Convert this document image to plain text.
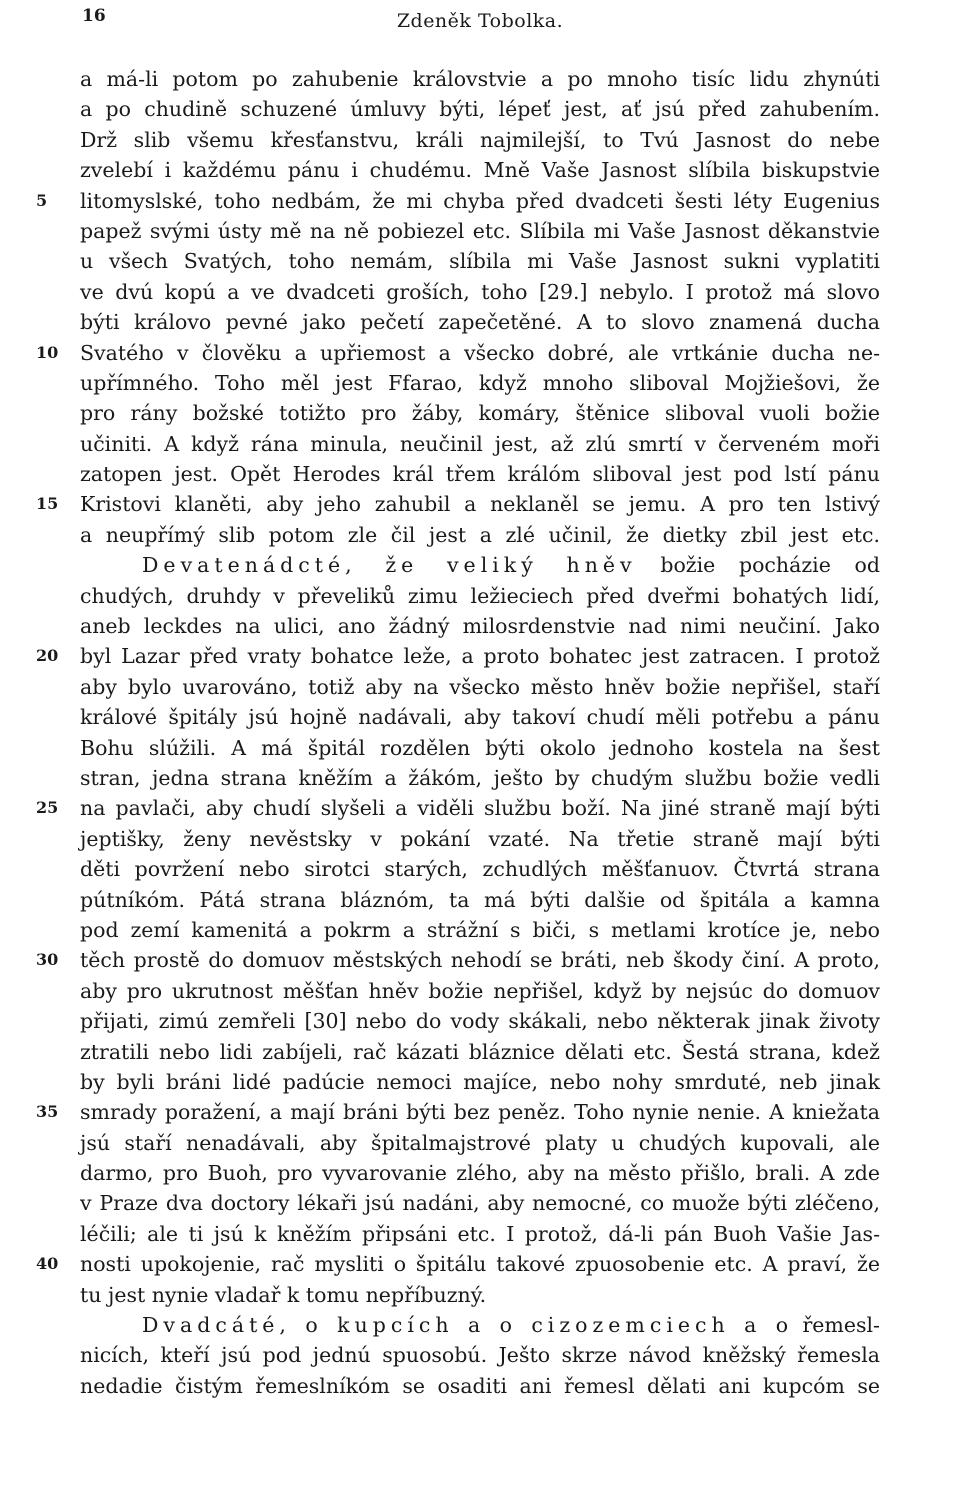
16	Zdeněk Tobolka.
a má-li potom po zahubenie královstvie a po mnoho tisíc lidu zhynúti
a po chudině schuzené úmluvy býti, lépeť jest, ať jsú před zahubením.
Drž slib všemu křesťanstvu, králi najmilejší, to Tvú Jasnost do nebe
zvelebí i každému pánu i chudému. Mně Vaše Jasnost slíbila biskupstvie
5	litomyslské, toho nedbám, že mi chyba před dvadceti šesti léty Eugenius
papež svými ústy mě na ně pobiezel etc. Slíbila mi Vaše Jasnost děkanstvie
u všech Svatých, toho nemám, slíbila mi Vaše Jasnost sukni vyplatiti
ve dvú kopú a ve dvadceti groších, toho [29.] nebylo. I protož má slovo
býti královo pevné jako pečetí zapečetěné. A to slovo znamená ducha
10 Svatého v člověku a upřiemost a všecko dobré, ale vrtkánie ducha ne-
upřímného. Toho měl jest Ffarao, když mnoho sliboval Mojžiešovi, že
pro rány božské totižto pro žáby, komáry, štěnice sliboval vuoli božie
učiniti. A když rána minula, neučinil jest, až zlú smrtí v červeném moři
zatopen jest. Opět Herodes král třem králóm sliboval jest pod lstí pánu
15 Kristovi klaněti, aby jeho zahubil a neklaněl se jemu. A pro ten lstivý
a neupřímý slib potom zle čil jest a zlé učinil, že dietky zbil jest etc.
Devatenádcté, že veliký hněv božie pocházie od
chudých, druhdy v převeliků zimu ležieciech před dveřmi bohatých lidí,
aneb leckdes na ulici, ano žádný milosrdenstvie nad nimi neučiní. Jako
20 byl Lazar před vraty bohatce leže, a proto bohatec jest zatracen. I protož
aby bylo uvarováno, totiž aby na všecko město hněv božie nepřišel, staří
králové špitály jsú hojně nadávali, aby takoví chudí měli potřebu a pánu
Bohu slúžili. A má špitál rozdělen býti okolo jednoho kostela na šest
stran, jedna strana kněžím a žákóm, ješto by chudým službu božie vedli
25 na pavlači, aby chudí slyšeli a viděli službu boží. Na jiné straně mají býti
jeptišky, ženy nevěstsky v pokání vzaté. Na třetie straně mají býti
děti povržení nebo sirotci starých, zchudlých měšťanuov. Čtvrtá strana
pútníkóm. Pátá strana bláznóm, ta má býti dalšie od špitála a kamna
pod zemí kamenitá a pokrm a strážní s biči, s metlami krotíce je, nebo
30 těch prostě do domuov městských nehodí se bráti, neb škody činí. A proto,
aby pro ukrutnost měšťan hněv božie nepřišel, když by nejsúc do domuov
přijati, zimú zemřeli [30] nebo do vody skákali, nebo některak jinak životy
ztratili nebo lidi zabíjeli, rač kázati bláznice dělati etc. Šestá strana, kdež
by byli bráni lidé padúcie nemoci majíce, nebo nohy smrduté, neb jinak
35 smrady poražení, a mají bráni býti bez peněz. Toho nynie nenie. A kniežata
jsú staří nenadávali, aby špitalmajstrové platy u chudých kupovali, ale
darmo, pro Buoh, pro vyvarovanie zlého, aby na město přišlo, brali. A zde
v Praze dva doctory lékaři jsú nadáni, aby nemocné, co muože býti zléčeno,
léčili; ale ti jsú k kněžím připsáni etc. I protož, dá-li pán Buoh Vašie Jas-
40 nosti upokojenie, rač mysliti o špitálu takové zpuosobenie etc. A praví, že
tu jest nynie vladař k tomu nepříbuzný.
Dvadcáté, o kupcích a o cizozemciech a o řemesl-
nicích, kteří jsú pod jednú spuosobú. Ješto skrze návod kněžský řemesla
nedadie čistým řemeslníkóm se osaditi ani řemesl dělati ani kupcóm se
